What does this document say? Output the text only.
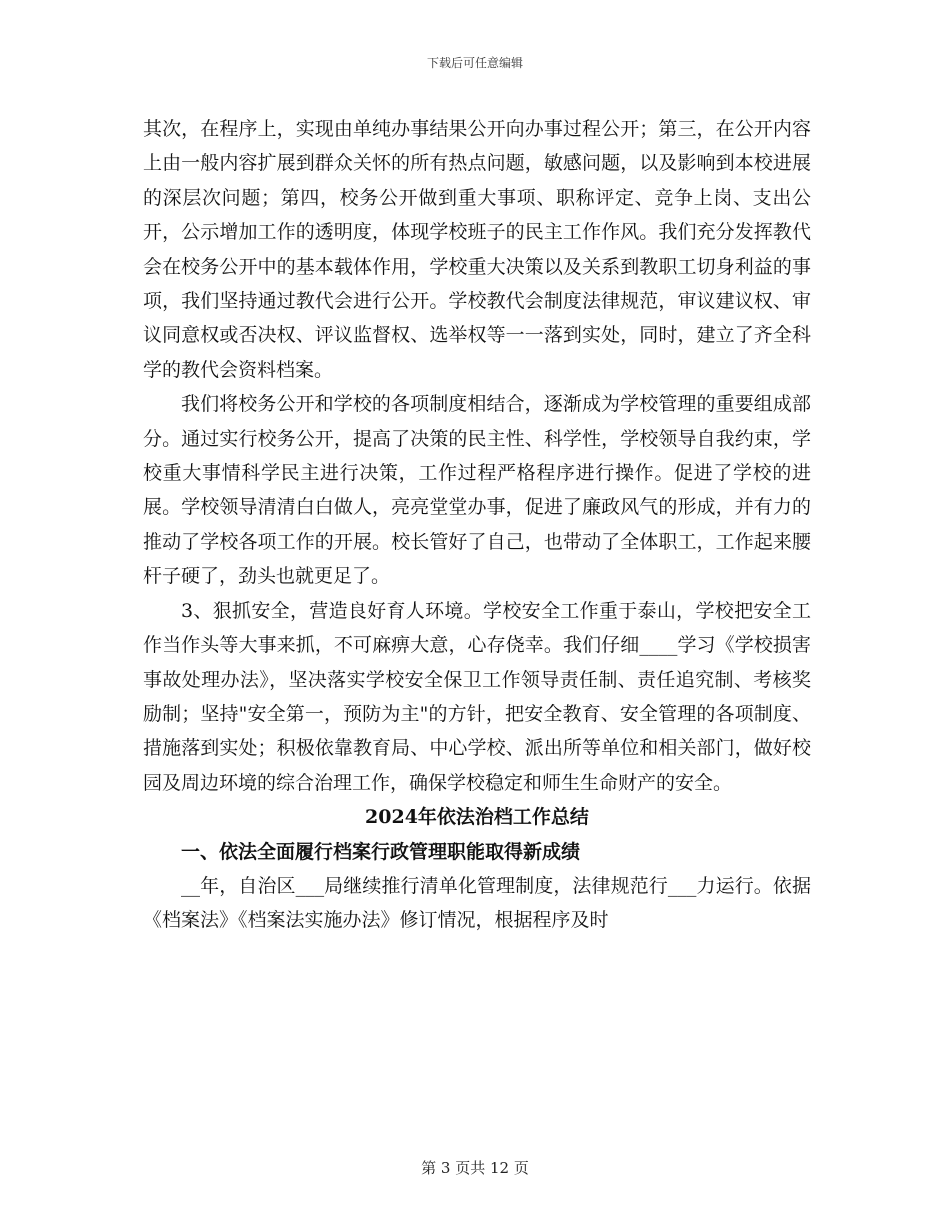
下载后可任意编辑

其次，在程序上，实现由单纯办事结果公开向办事过程公开；第三，在公开内容上由一般内容扩展到群众关怀的所有热点问题，敏感问题，以及影响到本校进展的深层次问题；第四，校务公开做到重大事项、职称评定、竞争上岗、支出公开，公示增加工作的透明度，体现学校班子的民主工作作风。我们充分发挥教代会在校务公开中的基本载体作用，学校重大决策以及关系到教职工切身利益的事项，我们坚持通过教代会进行公开。学校教代会制度法律规范，审议建议权、审议同意权或否决权、评议监督权、选举权等一一落到实处，同时，建立了齐全科学的教代会资料档案。

我们将校务公开和学校的各项制度相结合，逐渐成为学校管理的重要组成部分。通过实行校务公开，提高了决策的民主性、科学性，学校领导自我约束，学校重大事情科学民主进行决策，工作过程严格程序进行操作。促进了学校的进展。学校领导清清白白做人，亮亮堂堂办事，促进了廉政风气的形成，并有力的推动了学校各项工作的开展。校长管好了自己，也带动了全体职工，工作起来腰杆子硬了，劲头也就更足了。

3、狠抓安全，营造良好育人环境。学校安全工作重于泰山，学校把安全工作当作头等大事来抓，不可麻痹大意，心存侥幸。我们仔细____学习《学校损害事故处理办法》，坚决落实学校安全保卫工作领导责任制、责任追究制、考核奖励制；坚持"安全第一，预防为主"的方针，把安全教育、安全管理的各项制度、措施落到实处；积极依靠教育局、中心学校、派出所等单位和相关部门，做好校园及周边环境的综合治理工作，确保学校稳定和师生生命财产的安全。

2024年依法治档工作总结

一、依法全面履行档案行政管理职能取得新成绩

__年，自治区___局继续推行清单化管理制度，法律规范行___力运行。依据《档案法》《档案法实施办法》修订情况，根据程序及时

第 3 页共 12 页
